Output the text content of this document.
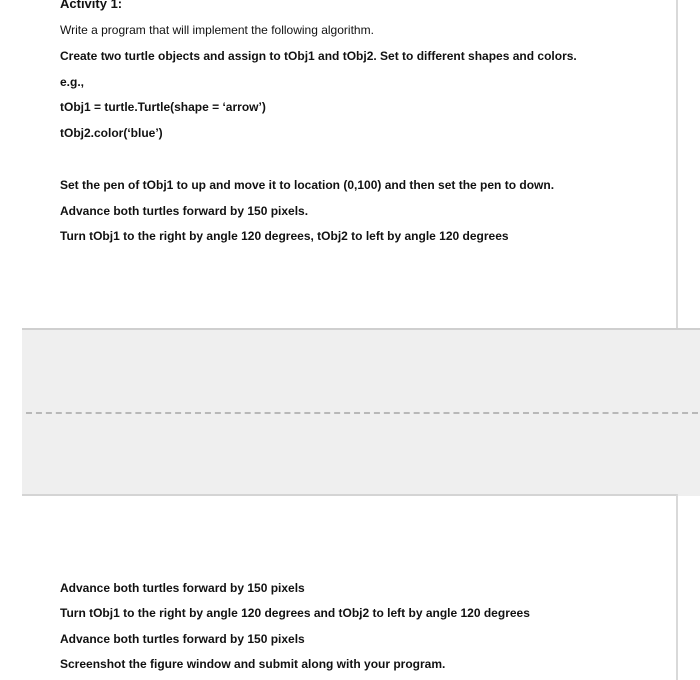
Activity 1:
Write a program that will implement the following algorithm.
Create two turtle objects and assign to tObj1 and tObj2. Set to different shapes and colors.
e.g.,
tObj1 = turtle.Turtle(shape = ‘arrow’)
tObj2.color(‘blue’)
Set the pen of tObj1 to up and move it to location (0,100) and then set the pen to down.
Advance both turtles forward by 150 pixels.
Turn tObj1 to the right by angle 120 degrees, tObj2 to left by angle 120 degrees
Advance both turtles forward by 150 pixels
Turn tObj1 to the right by angle 120 degrees and tObj2 to left by angle 120 degrees
Advance both turtles forward by 150 pixels
Screenshot the figure window and submit along with your program.
